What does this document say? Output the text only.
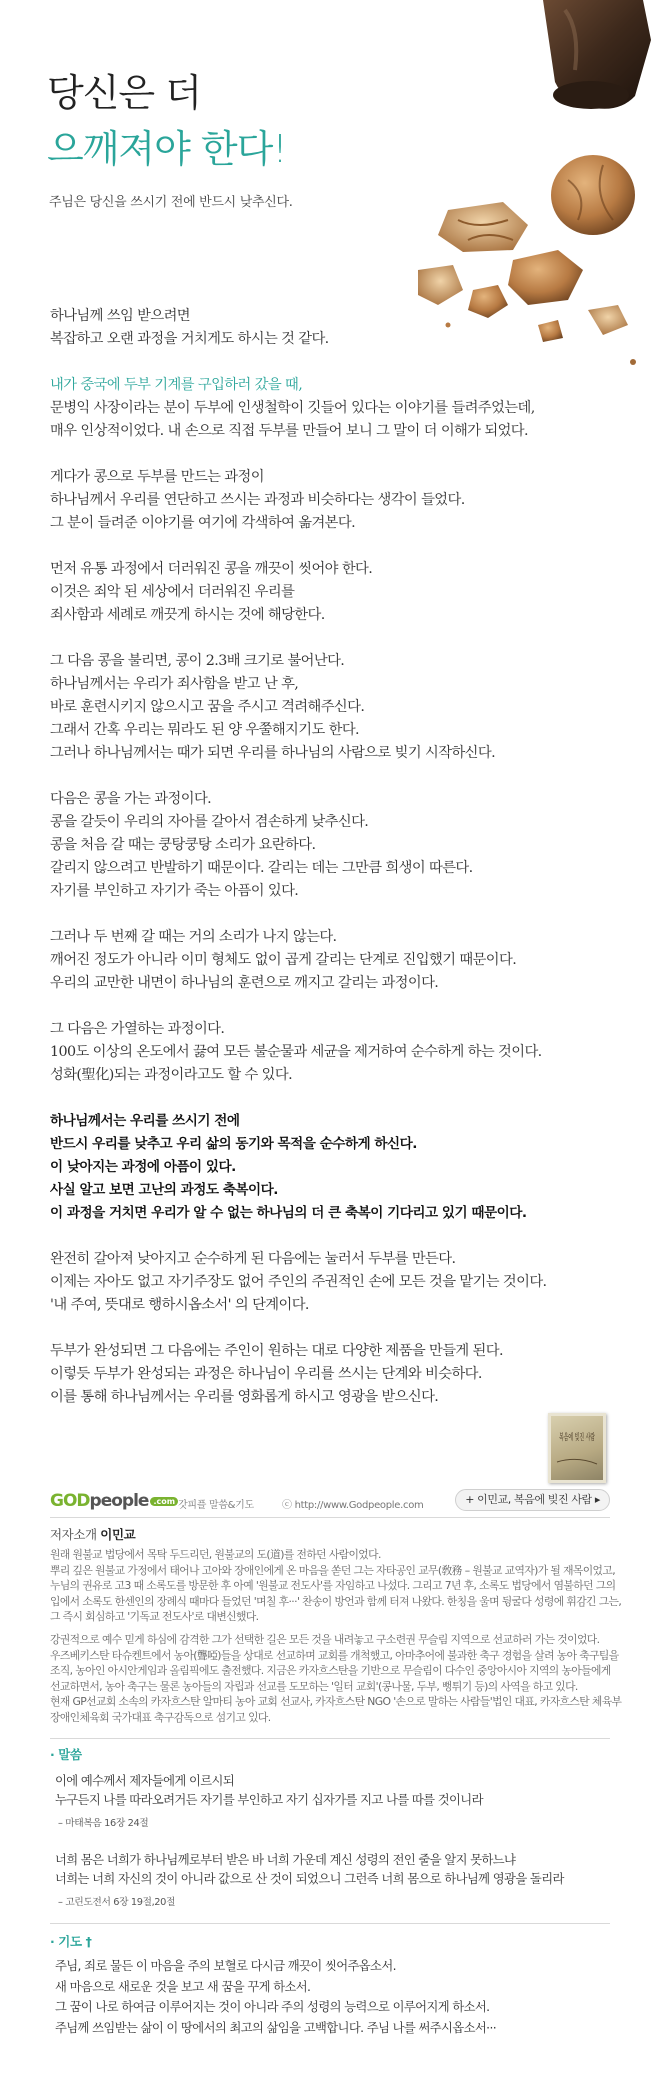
당신은 더
으깨져야 한다!
주님은 당신을 쓰시기 전에 반드시 낮추신다.

하나님께 쓰임 받으려면
복잡하고 오랜 과정을 거치게도 하시는 것 같다.

내가 중국에 두부 기계를 구입하러 갔을 때,
문병익 사장이라는 분이 두부에 인생철학이 깃들어 있다는 이야기를 들려주었는데,
매우 인상적이었다. 내 손으로 직접 두부를 만들어 보니 그 말이 더 이해가 되었다.

게다가 콩으로 두부를 만드는 과정이
하나님께서 우리를 연단하고 쓰시는 과정과 비슷하다는 생각이 들었다.
그 분이 들려준 이야기를 여기에 각색하여 옮겨본다.

먼저 유통 과정에서 더러워진 콩을 깨끗이 씻어야 한다.
이것은 죄악 된 세상에서 더러워진 우리를
죄사함과 세례로 깨끗게 하시는 것에 해당한다.

그 다음 콩을 불리면, 콩이 2.3배 크기로 불어난다.
하나님께서는 우리가 죄사함을 받고 난 후,
바로 훈련시키지 않으시고 꿈을 주시고 격려해주신다.
그래서 간혹 우리는 뭐라도 된 양 우쭐해지기도 한다.
그러나 하나님께서는 때가 되면 우리를 하나님의 사람으로 빚기 시작하신다.

다음은 콩을 가는 과정이다.
콩을 갈듯이 우리의 자아를 갈아서 겸손하게 낮추신다.
콩을 처음 갈 때는 쿵탕쿵탕 소리가 요란하다.
갈리지 않으려고 반발하기 때문이다. 갈리는 데는 그만큼 희생이 따른다.
자기를 부인하고 자기가 죽는 아픔이 있다.

그러나 두 번째 갈 때는 거의 소리가 나지 않는다.
깨어진 정도가 아니라 이미 형체도 없이 곱게 갈리는 단계로 진입했기 때문이다.
우리의 교만한 내면이 하나님의 훈련으로 깨지고 갈리는 과정이다.

그 다음은 가열하는 과정이다.
100도 이상의 온도에서 끓여 모든 불순물과 세균을 제거하여 순수하게 하는 것이다.
성화(聖化)되는 과정이라고도 할 수 있다.

하나님께서는 우리를 쓰시기 전에
반드시 우리를 낮추고 우리 삶의 동기와 목적을 순수하게 하신다.
이 낮아지는 과정에 아픔이 있다.
사실 알고 보면 고난의 과정도 축복이다.
이 과정을 거치면 우리가 알 수 없는 하나님의 더 큰 축복이 기다리고 있기 때문이다.

완전히 갈아져 낮아지고 순수하게 된 다음에는 눌러서 두부를 만든다.
이제는 자아도 없고 자기주장도 없어 주인의 주권적인 손에 모든 것을 맡기는 것이다.
'내 주여, 뜻대로 행하시옵소서' 의 단계이다.

두부가 완성되면 그 다음에는 주인이 원하는 대로 다양한 제품을 만들게 된다.
이렇듯 두부가 완성되는 과정은 하나님이 우리를 쓰시는 단계와 비슷하다.
이를 통해 하나님께서는 우리를 영화롭게 하시고 영광을 받으신다.

복음에 빚진 사람
GODpeople .com 갓피플 말씀&기도	ⓒ http://www.Godpeople.com	+ 이민교, 복음에 빚진 사람 ▸
저자소개 이민교

원래 원불교 법당에서 목탁 두드리던, 원불교의 도(道)를 전하던 사람이었다.
뿌리 깊은 원불교 가정에서 태어나 고아와 장애인에게 온 마음을 쏟던 그는 자타공인 교무(敎務 – 원불교 교역자)가 될 재목이었고,
누님의 권유로 고3 때 소록도를 방문한 후 아예 '원불교 전도사'를 자임하고 나섰다. 그리고 7년 후, 소록도 법당에서 염불하던 그의
입에서 소록도 한센인의 장례식 때마다 들었던 '며칠 후···' 찬송이 방언과 함께 터져 나왔다. 한칭을 울며 뒹굴다 성령에 휘감긴 그는,
그 즉시 회심하고 '기독교 전도사'로 대변신했다.

강권적으로 예수 믿게 하심에 감격한 그가 선택한 길은 모든 것을 내려놓고 구소련권 무슬림 지역으로 선교하러 가는 것이었다.
우즈베키스탄 타슈켄트에서 농아(聾啞)들을 상대로 선교하며 교회를 개척했고, 아마추어에 불과한 축구 경험을 살려 농아 축구팀을
조직, 농아인 아시안게임과 올림픽에도 출전했다. 지금은 카자흐스탄을 기반으로 무슬림이 다수인 중앙아시아 지역의 농아들에게
선교하면서, 농아 축구는 물론 농아들의 자립과 선교를 도모하는 '일터 교회'(콩나물, 두부, 뻥튀기 등)의 사역을 하고 있다.
현재 GP선교회 소속의 카자흐스탄 알마티 농아 교회 선교사, 카자흐스탄 NGO '손으로 말하는 사람들'법인 대표, 카자흐스탄 체육부
장애인체육회 국가대표 축구감독으로 섬기고 있다.

· 말씀
이에 예수께서 제자들에게 이르시되
누구든지 나를 따라오려거든 자기를 부인하고 자기 십자가를 지고 나를 따를 것이니라
– 마태복음 16장 24절
너희 몸은 너희가 하나님께로부터 받은 바 너희 가운데 계신 성령의 전인 줄을 알지 못하느냐
너희는 너희 자신의 것이 아니라 값으로 산 것이 되었으니 그런즉 너희 몸으로 하나님께 영광을 돌리라
– 고린도전서 6장 19절,20절
· 기도 †
주님, 죄로 물든 이 마음을 주의 보혈로 다시금 깨끗이 씻어주옵소서.
새 마음으로 새로운 것을 보고 새 꿈을 꾸게 하소서.
그 꿈이 나로 하여금 이루어지는 것이 아니라 주의 성령의 능력으로 이루어지게 하소서.
주님께 쓰임받는 삶이 이 땅에서의 최고의 삶임을 고백합니다. 주님 나를 써주시옵소서···
